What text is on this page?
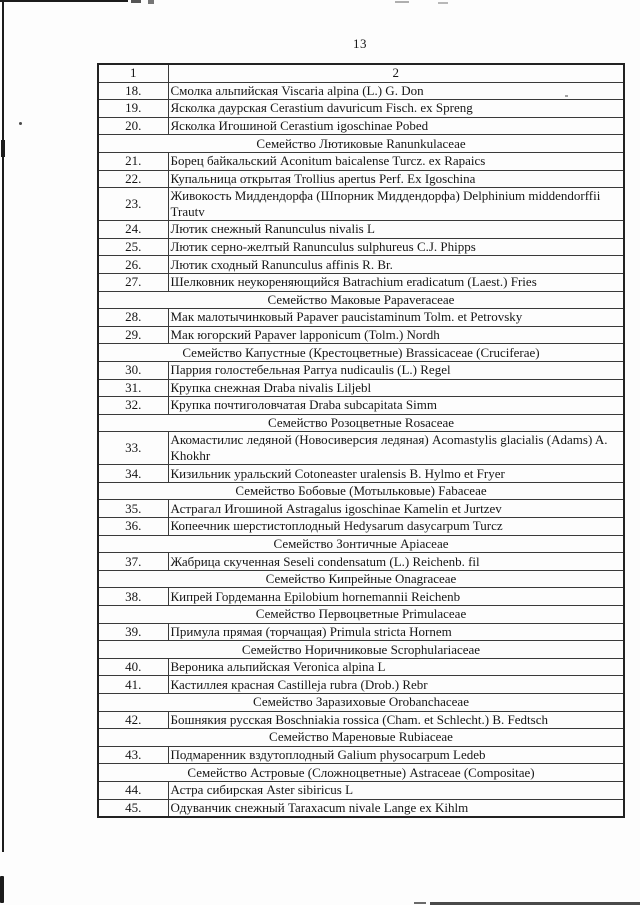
13
1	2
18.	Смолка альпийская Viscaria alpina (L.) G. Don
19.	Ясколка даурская Cerastium davuricum Fisch. ex Spreng
20.	Ясколка Игошиной Cerastium igoschinae Pobed
Семейство Лютиковые Ranunkulaceae	
21.	Борец байкальский Aconitum baicalense Turcz. ex Rapaics
22.	Купальница открытая Trollius apertus Perf. Ex Igoschina
23.	Живокость Миддендорфа (Шпорник Миддендорфа) Delphinium middendorffii Trautv
24.	Лютик снежный Ranunculus nivalis L
25.	Лютик серно-желтый Ranunculus sulphureus C.J. Phipps
26.	Лютик сходный Ranunculus affinis R. Br.
27.	Шелковник неукореняющийся Batrachium eradicatum (Laest.) Fries
Семейство Маковые Papaveraceae	
28.	Мак малотычинковый Papaver paucistaminum Tolm. et Petrovsky
29.	Мак югорский Papaver lapponicum (Tolm.) Nordh
Семейство Капустные (Крестоцветные) Brassicaceae (Cruciferae)	
30.	Паррия голостебельная Parrya nudicaulis (L.) Regel
31.	Крупка снежная Draba nivalis Liljebl
32.	Крупка почтиголовчатая Draba subcapitata Simm
Семейство Розоцветные Rosaceae	
33.	Акомастилис ледяной (Новосиверсия ледяная) Acomastylis glacialis (Adams) A. Khokhr
34.	Кизильник уральский Cotoneaster uralensis B. Hylmo et Fryer
Семейство Бобовые (Мотыльковые) Fabaceae	
35.	Астрагал Игошиной Astragalus igoschinae Kamelin et Jurtzev
36.	Копеечник шерстистоплодный Hedysarum dasycarpum Turcz
Семейство Зонтичные Apiaceae	
37.	Жабрица скученная Seseli condensatum (L.) Reichenb. fil
Семейство Кипрейные Onagraceae	
38.	Кипрей Гордеманна Epilobium hornemannii Reichenb
Семейство Первоцветные Primulaceae	
39.	Примула прямая (торчащая) Primula stricta Hornem
Семейство Норичниковые Scrophulariaceae	
40.	Вероника альпийская Veronica alpina L
41.	Кастиллея красная Castilleja rubra (Drob.) Rebr
Семейство Заразиховые Orobanchaceae	
42.	Бошнякия русская Boschniakia rossica (Cham. et Schlecht.) B. Fedtsch
Семейство Мареновые Rubiaceae	
43.	Подмаренник вздутоплодный Galium physocarpum Ledeb
Семейство Астровые (Сложноцветные) Astraceae (Compositae)	
44.	Астра сибирская Aster sibiricus L
45.	Одуванчик снежный Taraxacum nivale Lange ex Kihlm
